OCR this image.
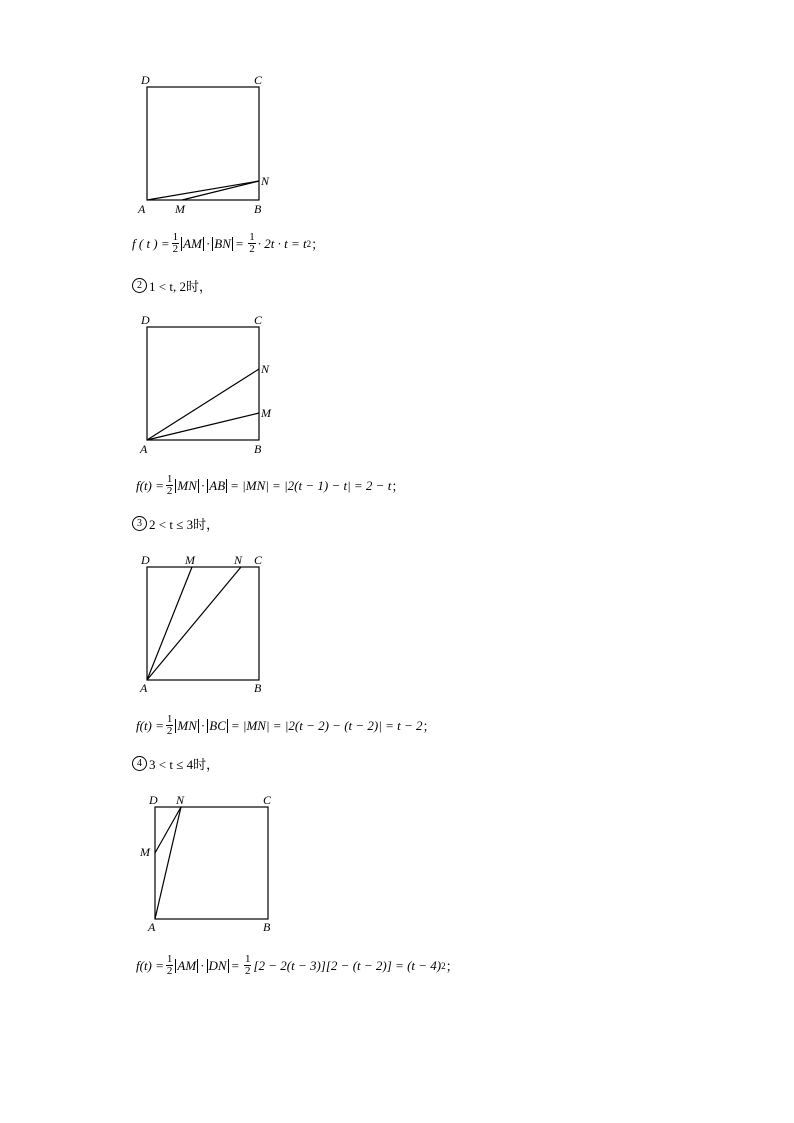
D	C
A M	B
N
f ( t ) = $\frac{1}{2}$ AM · BN = $\frac{1}{2} \cdot 2t \cdot t = t$ 2 ；
2 1 < t, 2时，
D	C
A	B
N
M
$f(t) = \frac{1}{2}$ MN · AB = |MN| = |2(t − 1) − t| = 2 − t ；
3 2 < t ≤ 3时，
D	M	N C
A	B
$f(t) = \frac{1}{2}$ MN · BC = |MN| = |2(t − 2) − (t − 2)| = t − 2 ；
4 3 < t ≤ 4时，
D N	C
M
A	B
$f(t) = \frac{1}{2}$ AM · DN = $\frac{1}{2} [2 - 2(t - 3)][2 - (t - 2)] = (t - 4)$ 2 ；
